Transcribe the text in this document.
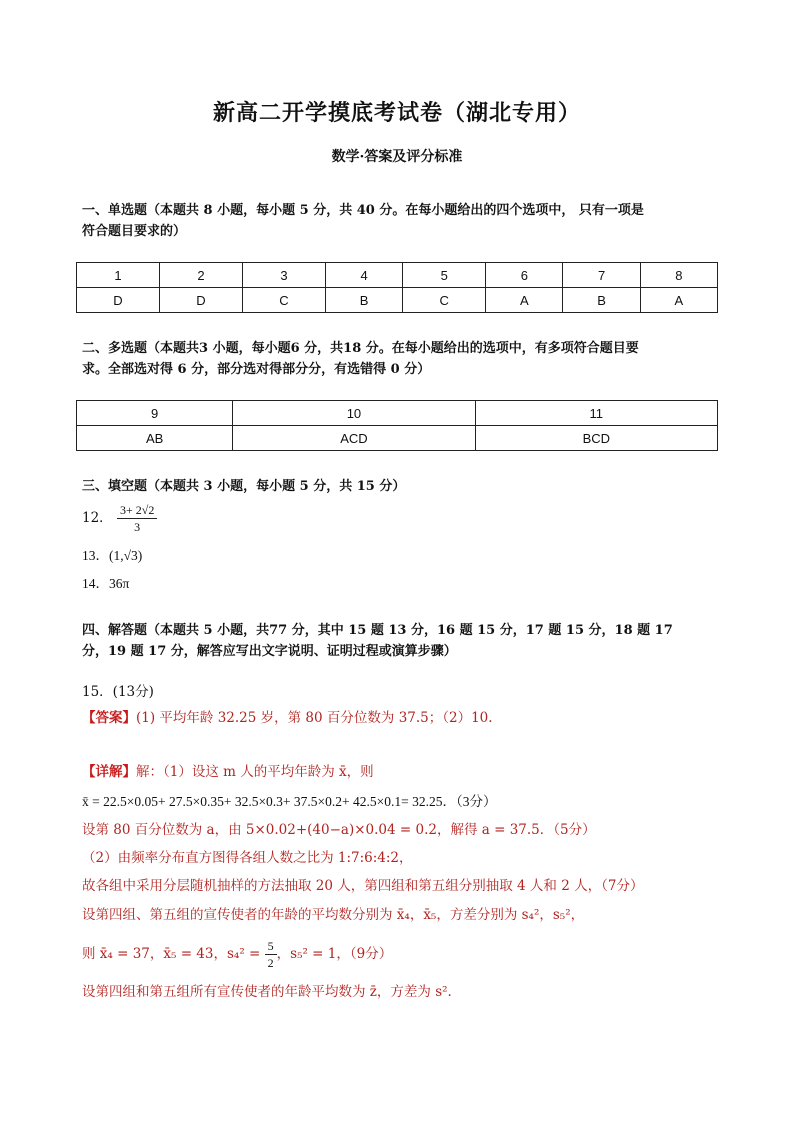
新高二开学摸底考试卷（湖北专用）
数学·答案及评分标准
一、单选题（本题共 8 小题，每小题 5 分，共 40 分。在每小题给出的四个选项中， 只有一项是
符合题目要求的）
1	2	3	4	5	6	7	8
D	D	C	B	C	A	B	A
二、多选题（本题共3 小题，每小题6 分，共18 分。在每小题给出的选项中，有多项符合题目要
求。全部选对得 6 分，部分选对得部分分，有选错得 0 分）
9	10	11
AB	ACD	BCD
三、填空题（本题共 3 小题，每小题 5 分，共 15 分）
12． $\frac{3+ 2√2}{3}$
13．(1,√3)
14．36π
四、解答题（本题共 5 小题，共77 分，其中 15 题 13 分，16 题 15 分，17 题 15 分，18 题 17
分，19 题 17 分，解答应写出文字说明、证明过程或演算步骤）
15．(13分)
【答案】(1) 平均年龄 32.25 岁，第 80 百分位数为 37.5；（2）10.
【详解】解：（1）设这 m 人的平均年龄为 x̄，则
x̄ = 22.5×0.05+ 27.5×0.35+ 32.5×0.3+ 37.5×0.2+ 42.5×0.1= 32.25．（3分）
设第 80 百分位数为 a，由 5×0.02+(40−a)×0.04 = 0.2，解得 a = 37.5．（5分）
（2）由频率分布直方图得各组人数之比为 1:7:6:4:2，
故各组中采用分层随机抽样的方法抽取 20 人，第四组和第五组分别抽取 4 人和 2 人，（7分）
设第四组、第五组的宣传使者的年龄的平均数分别为 x̄₄，x̄₅，方差分别为 s₄²，s₅²，
则 x̄₄ = 37，x̄₅ = 43，$s_4^2 = \frac{5}{2}$ ，s₅² = 1，（9分）
设第四组和第五组所有宣传使者的年龄平均数为 z̄，方差为 s².
